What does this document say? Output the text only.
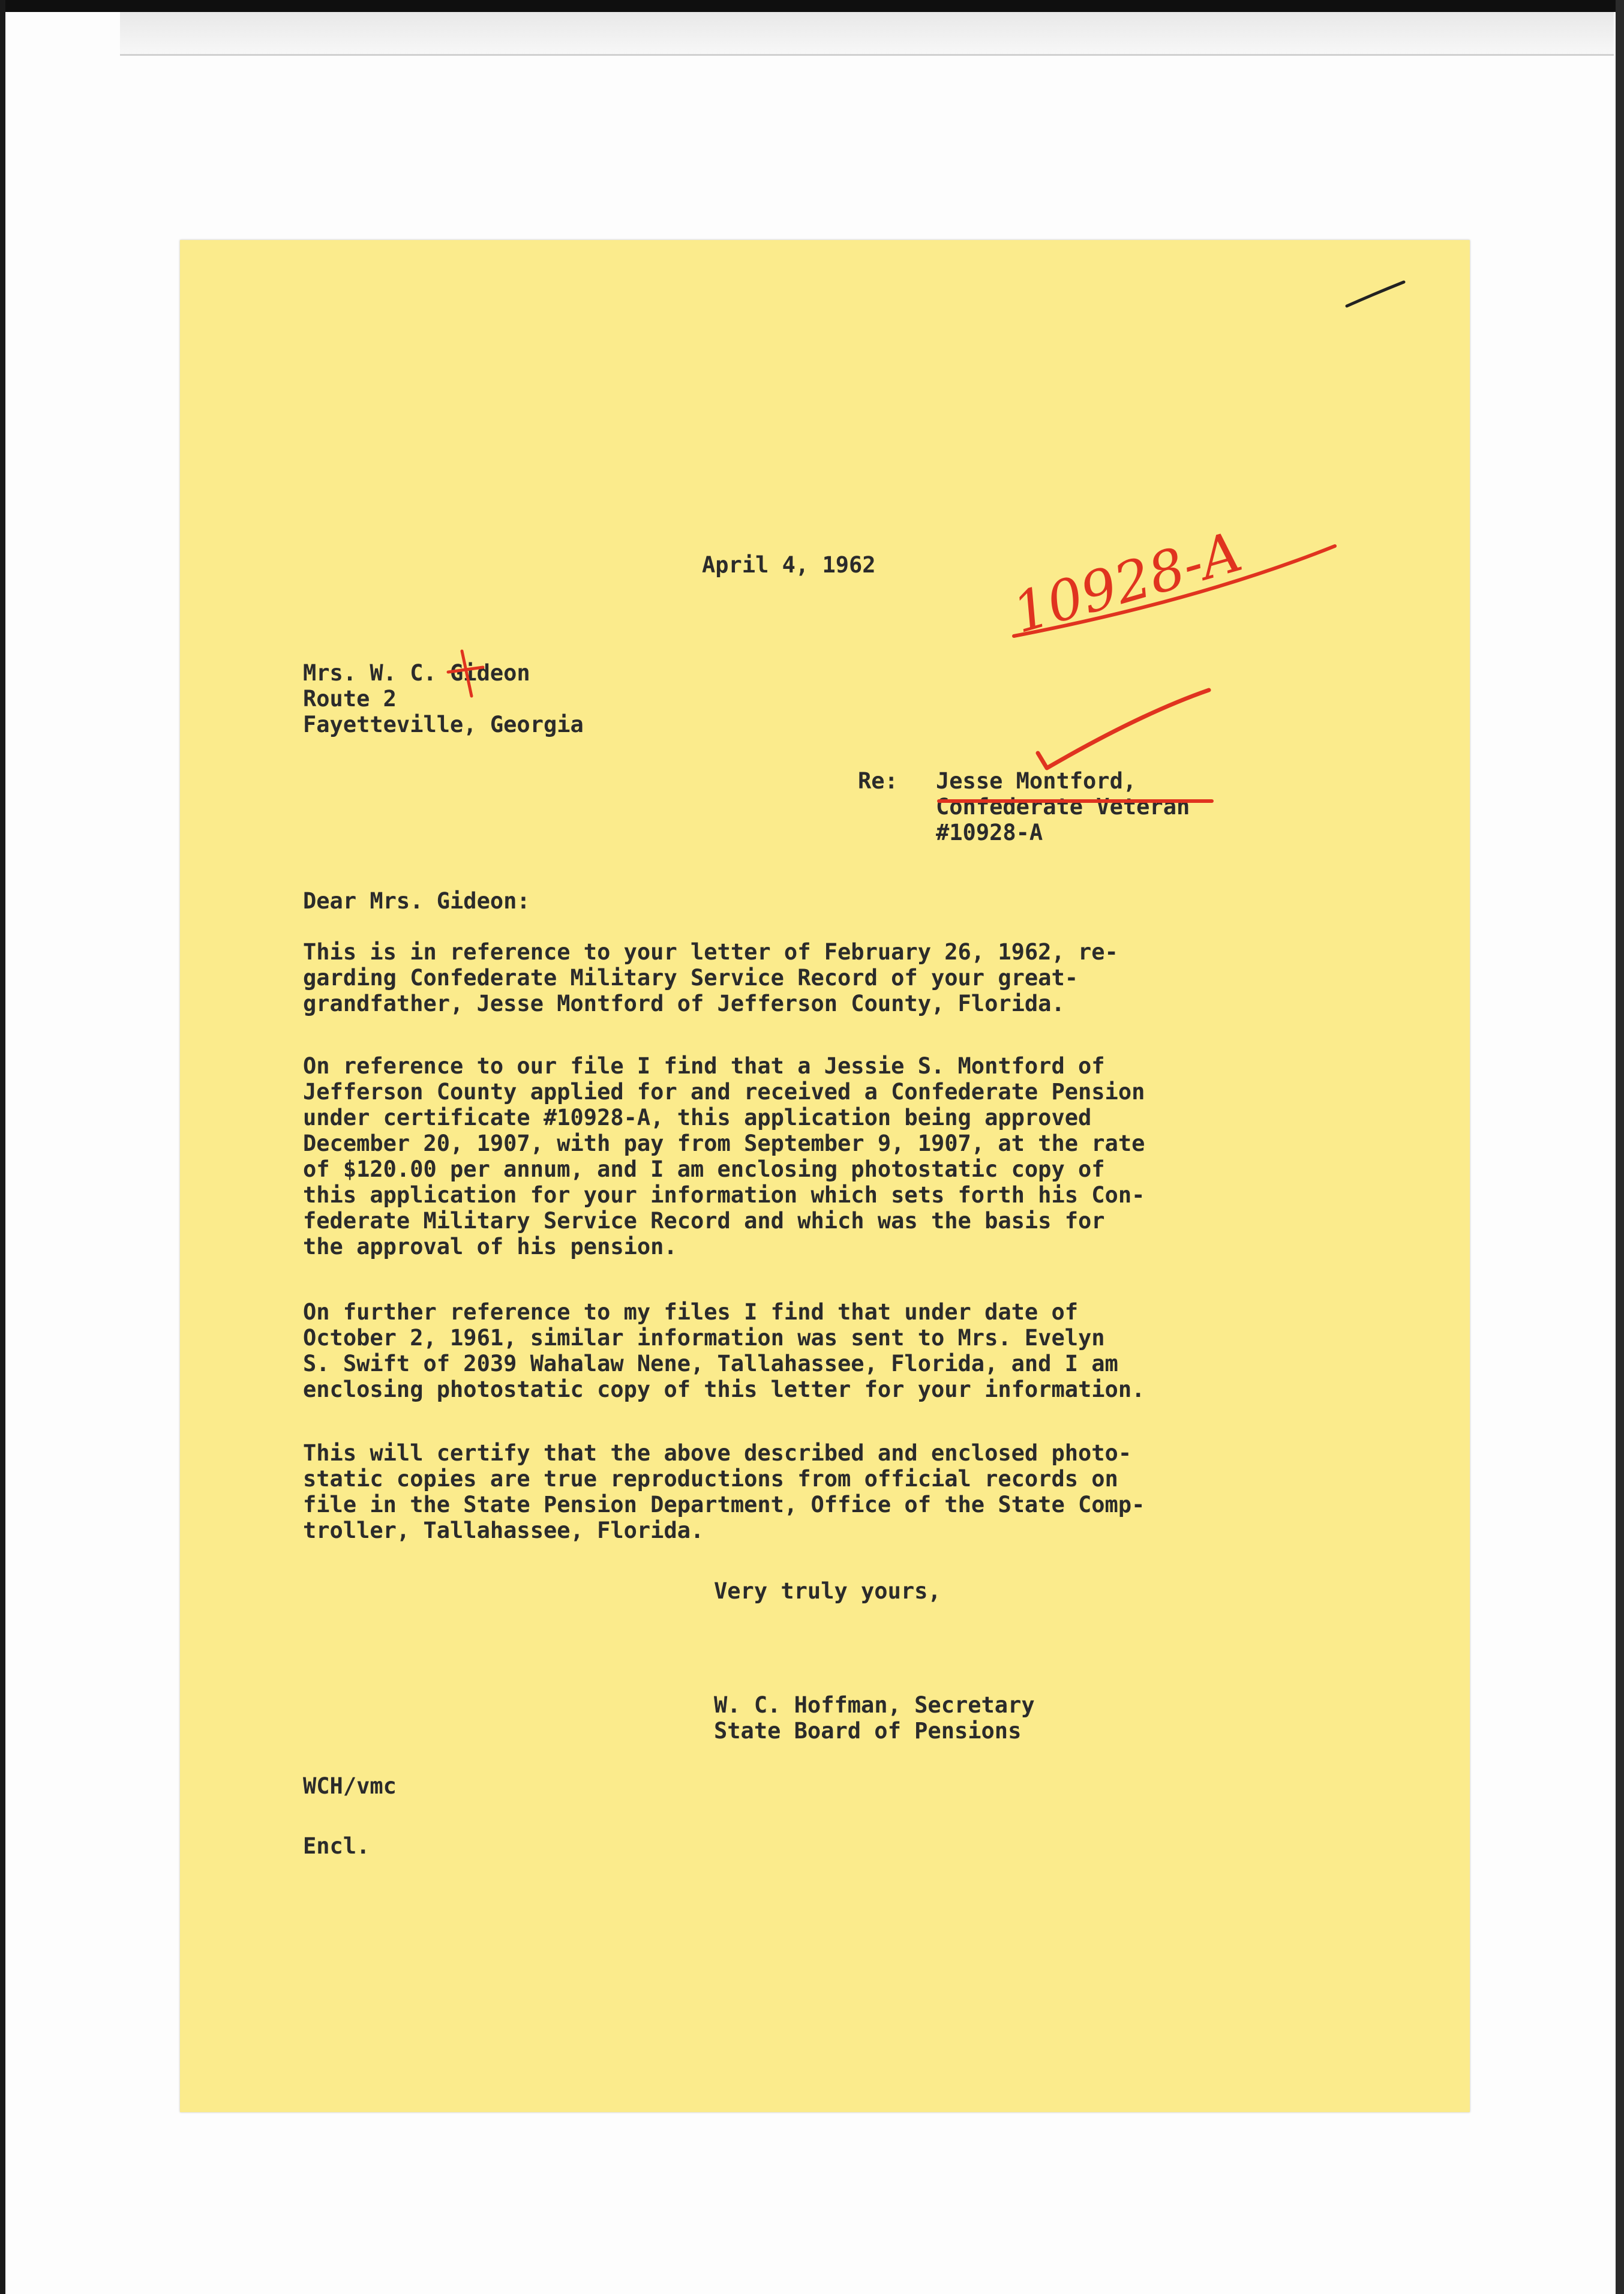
April 4, 1962
Mrs. W. C. Gideon
Route 2
Fayetteville, Georgia
Re: Jesse Montford,
Confederate Veteran
#10928-A
Dear Mrs. Gideon:
This is in reference to your letter of February 26, 1962, re-
garding Confederate Military Service Record of your great-
grandfather, Jesse Montford of Jefferson County, Florida.
On reference to our file I find that a Jessie S. Montford of
Jefferson County applied for and received a Confederate Pension
under certificate #10928-A, this application being approved
December 20, 1907, with pay from September 9, 1907, at the rate
of $120.00 per annum, and I am enclosing photostatic copy of
this application for your information which sets forth his Con-
federate Military Service Record and which was the basis for
the approval of his pension.
On further reference to my files I find that under date of
October 2, 1961, similar information was sent to Mrs. Evelyn
S. Swift of 2039 Wahalaw Nene, Tallahassee, Florida, and I am
enclosing photostatic copy of this letter for your information.
This will certify that the above described and enclosed photo-
static copies are true reproductions from official records on
file in the State Pension Department, Office of the State Comp-
troller, Tallahassee, Florida.
Very truly yours,
W. C. Hoffman, Secretary
State Board of Pensions
WCH/vmc
Encl.
10928-A
